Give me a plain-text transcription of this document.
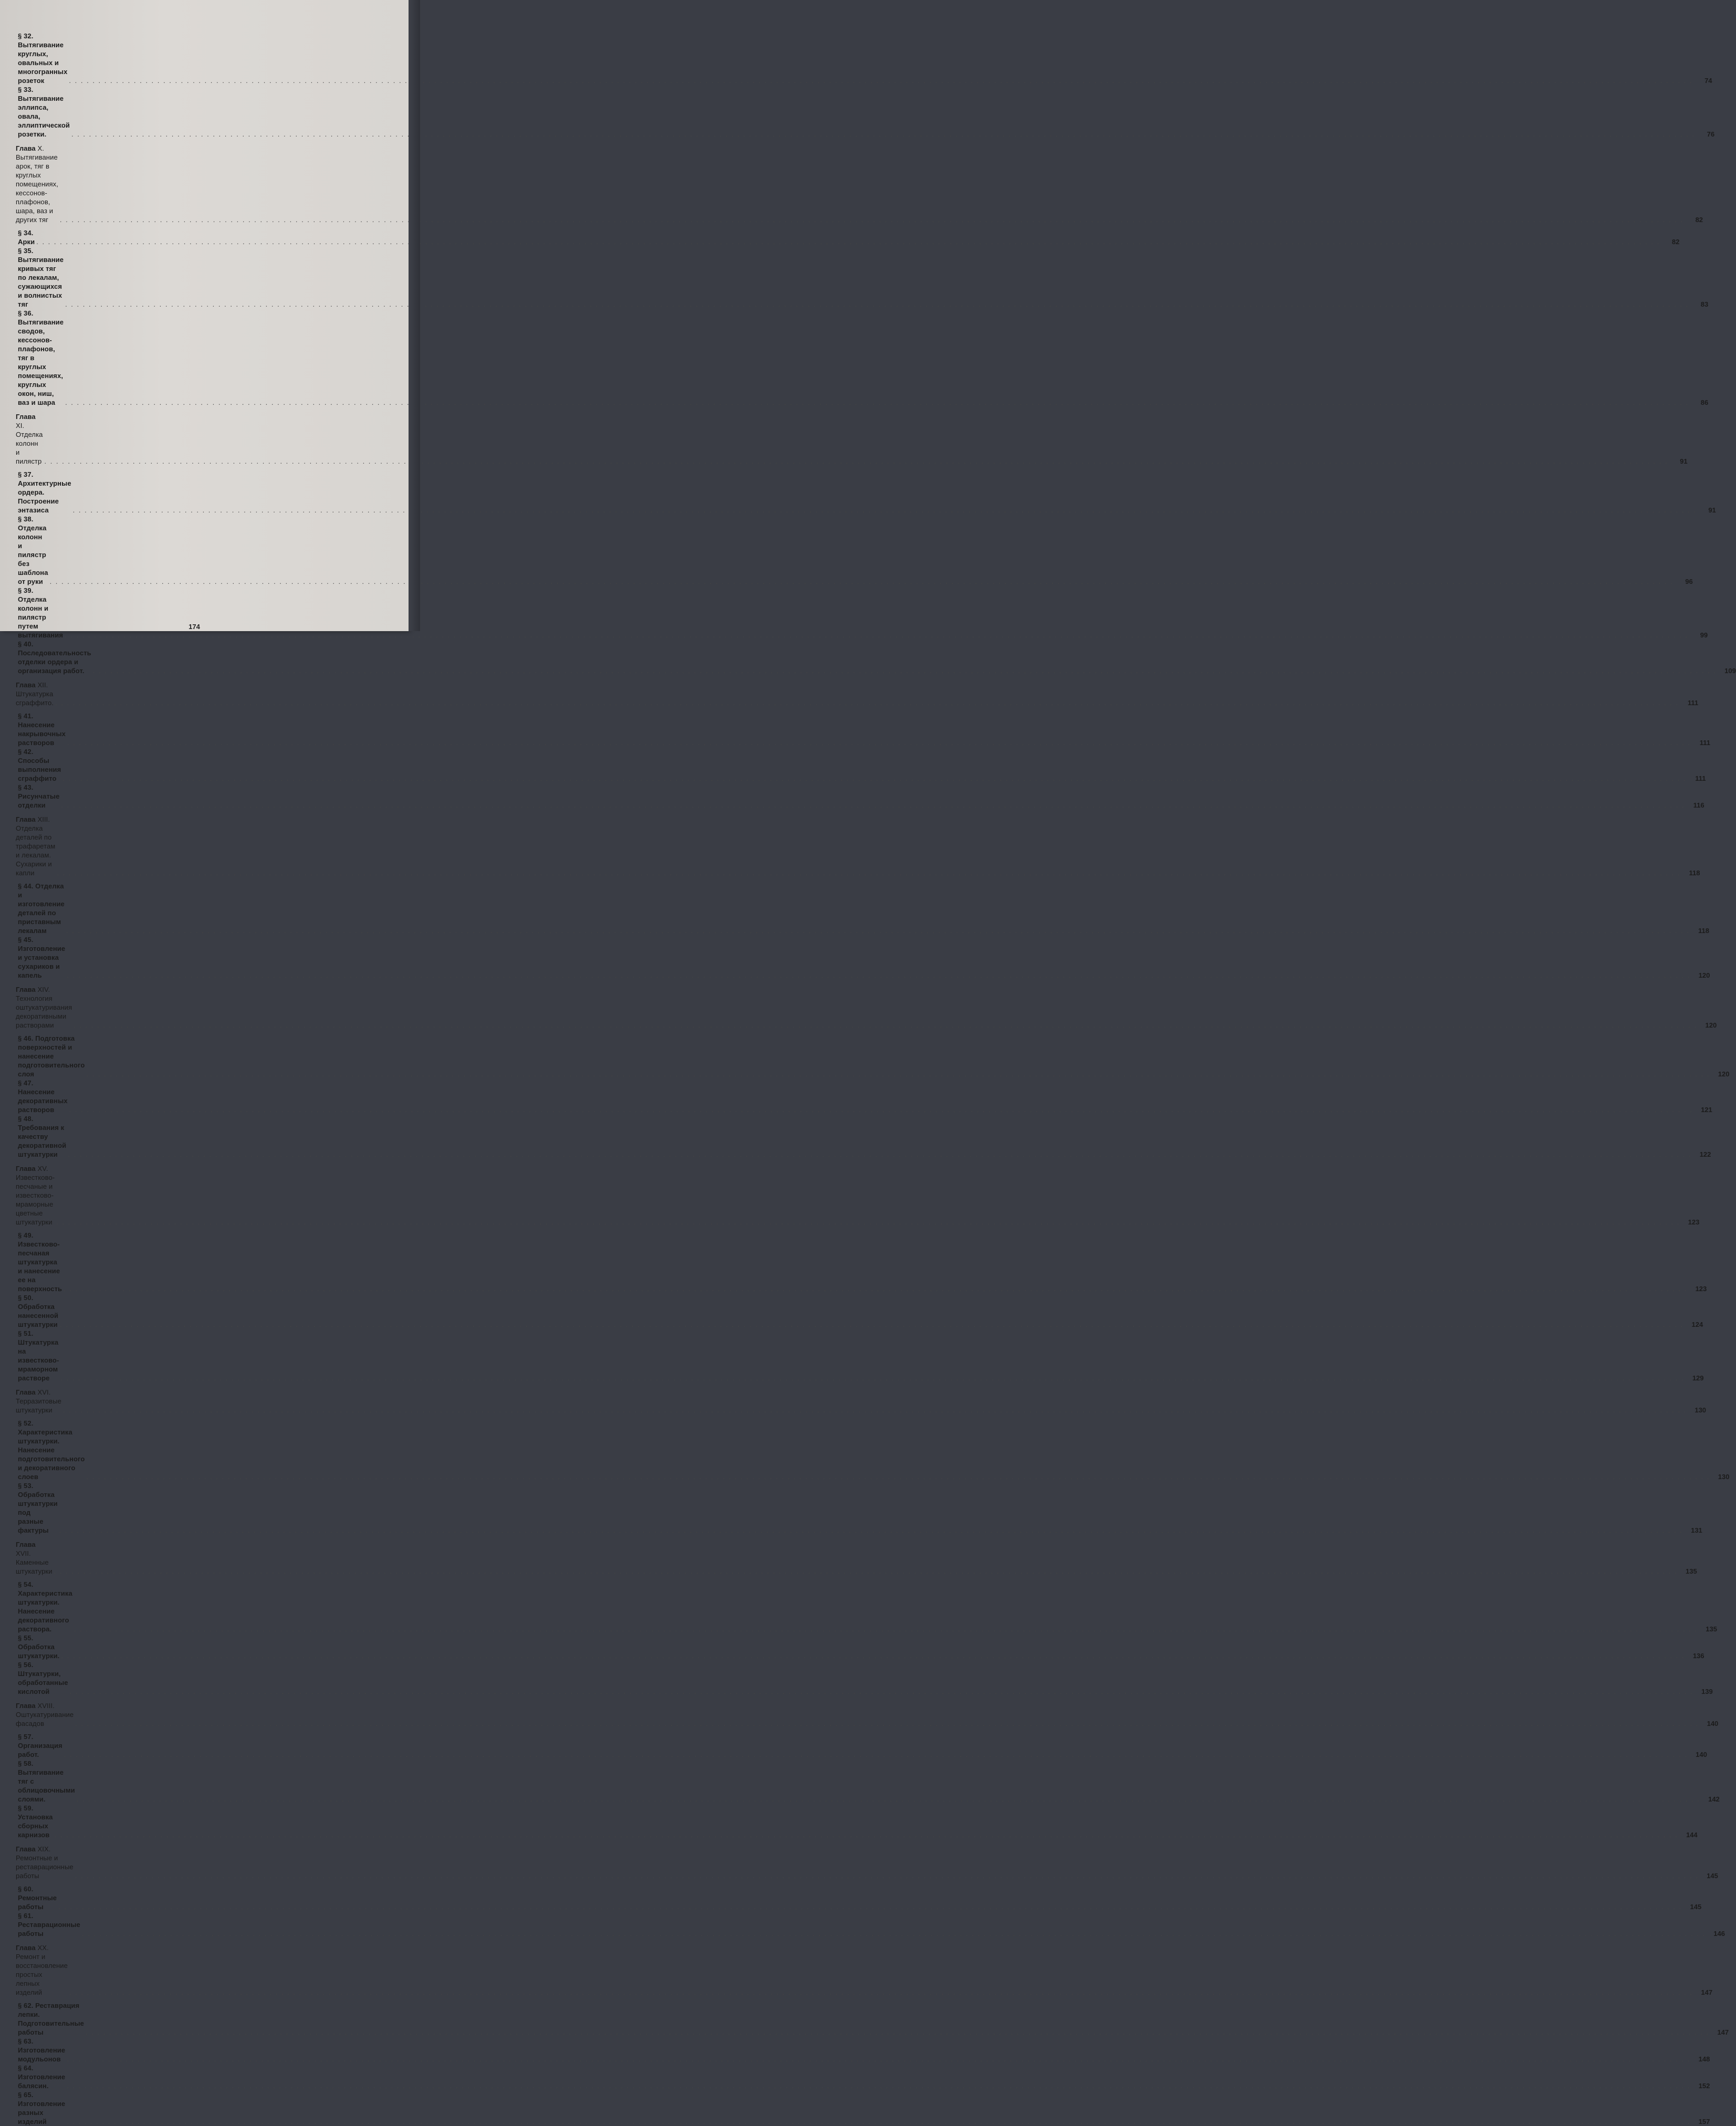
§ 32. Вытягивание круглых, овальных и многогранных розеток . . .	74
§ 33. Вытягивание эллипса, овала, эллиптической розетки. . . .	76
Глава X. Вытягивание арок, тяг в круглых помещениях, кессонов-плафонов, шара, ваз и других тяг . . .	82
§ 34. Арки . . .	82
§ 35. Вытягивание кривых тяг по лекалам, сужающихся и волнистых тяг . . .	83
§ 36. Вытягивание сводов, кессонов-плафонов, тяг в круглых помещениях, круглых окон, ниш, ваз и шара . . .	86
Глава XI. Отделка колонн и пилястр . . .	91
§ 37. Архитектурные ордера. Построение энтазиса . . .	91
§ 38. Отделка колонн и пилястр без шаблона от руки . . .	96
§ 39. Отделка колонн и пилястр путем вытягивания . . .	99
§ 40. Последовательность отделки ордера и организация работ. . . .	109
Глава XII. Штукатурка сграффито. . . .	111
§ 41. Нанесение накрывочных растворов . . .	111
§ 42. Способы выполнения сграффито . . .	111
§ 43. Рисунчатые отделки . . .	116
Глава XIII. Отделка деталей по трафаретам и лекалам. Сухарики и капли . . .	118
§ 44. Отделка и изготовление деталей по приставным лекалам . . .	118
§ 45. Изготовление и установка сухариков и капель . . .	120
Глава XIV. Технология оштукатуривания декоративными растворами . . .	120
§ 46. Подготовка поверхностей и нанесение подготовительного слоя . . .	120
§ 47. Нанесение декоративных растворов . . .	121
§ 48. Требования к качеству декоративной штукатурки . . .	122
Глава XV. Известково-песчаные и известково-мраморные цветные штукатурки . . .	123
§ 49. Известково-песчаная штукатурка и нанесение ее на поверхность . . .	123
§ 50. Обработка нанесенной штукатурки . . .	124
§ 51. Штукатурка на известково-мраморном растворе . . .	129
Глава XVI. Терразитовые штукатурки . . .	130
§ 52. Характеристика штукатурки. Нанесение подготовительного и декоративного слоев . . .	130
§ 53. Обработка штукатурки под разные фактуры . . .	131
Глава XVII. Каменные штукатурки . . .	135
§ 54. Характеристика штукатурки. Нанесение декоративного раствора. . . .	135
§ 55. Обработка штукатурки. . . .	136
§ 56. Штукатурки, обработанные кислотой . . .	139
Глава XVIII. Оштукатуривание фасадов . . .	140
§ 57. Организация работ. . . .	140
§ 58. Вытягивание тяг с облицовочными слоями. . . .	142
§ 59. Установка сборных карнизов . . .	144
Глава XIX. Ремонтные и реставрационные работы . . .	145
§ 60. Ремонтные работы . . .	145
§ 61. Реставрационные работы . . .	146
Глава XX. Ремонт и восстановление простых лепных изделий . . .	147
§ 62. Реставрация лепки. Подготовительные работы . . .	147
§ 63. Изготовление модульонов . . .	148
§ 64. Изготовление балясин. . . .	152
§ 65. Изготовление разных изделий . . .	157
174
